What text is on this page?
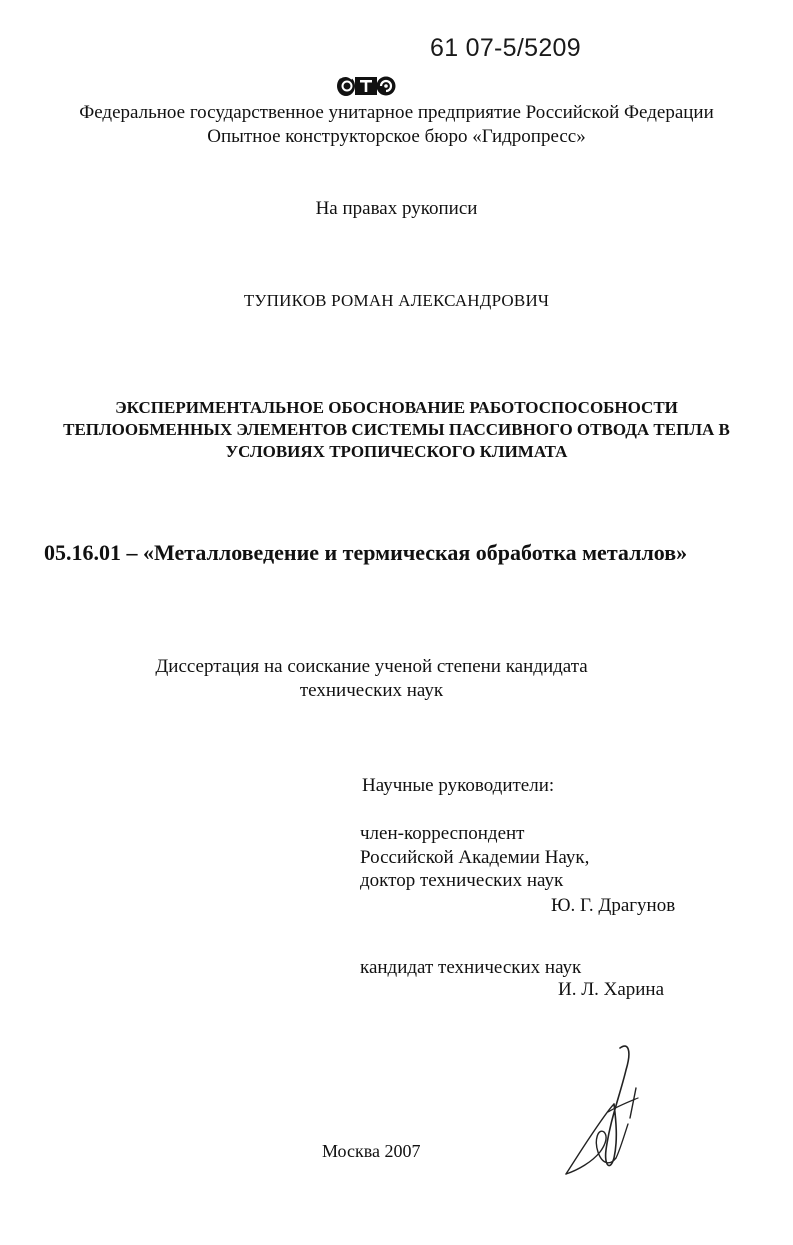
61 07-5/5209
Федеральное государственное унитарное предприятие Российской Федерации
Опытное конструкторское бюро «Гидропресс»
На правах рукописи
ТУПИКОВ РОМАН АЛЕКСАНДРОВИЧ
ЭКСПЕРИМЕНТАЛЬНОЕ ОБОСНОВАНИЕ РАБОТОСПОСОБНОСТИ
ТЕПЛООБМЕННЫХ ЭЛЕМЕНТОВ СИСТЕМЫ ПАССИВНОГО ОТВОДА ТЕПЛА В
УСЛОВИЯХ ТРОПИЧЕСКОГО КЛИМАТА
05.16.01 – «Металловедение и термическая обработка металлов»
Диссертация на соискание ученой степени кандидата
технических наук
Научные руководители:
член-корреспондент
Российской Академии Наук,
доктор технических наук
Ю. Г. Драгунов
кандидат технических наук
И. Л. Харина
Москва 2007
